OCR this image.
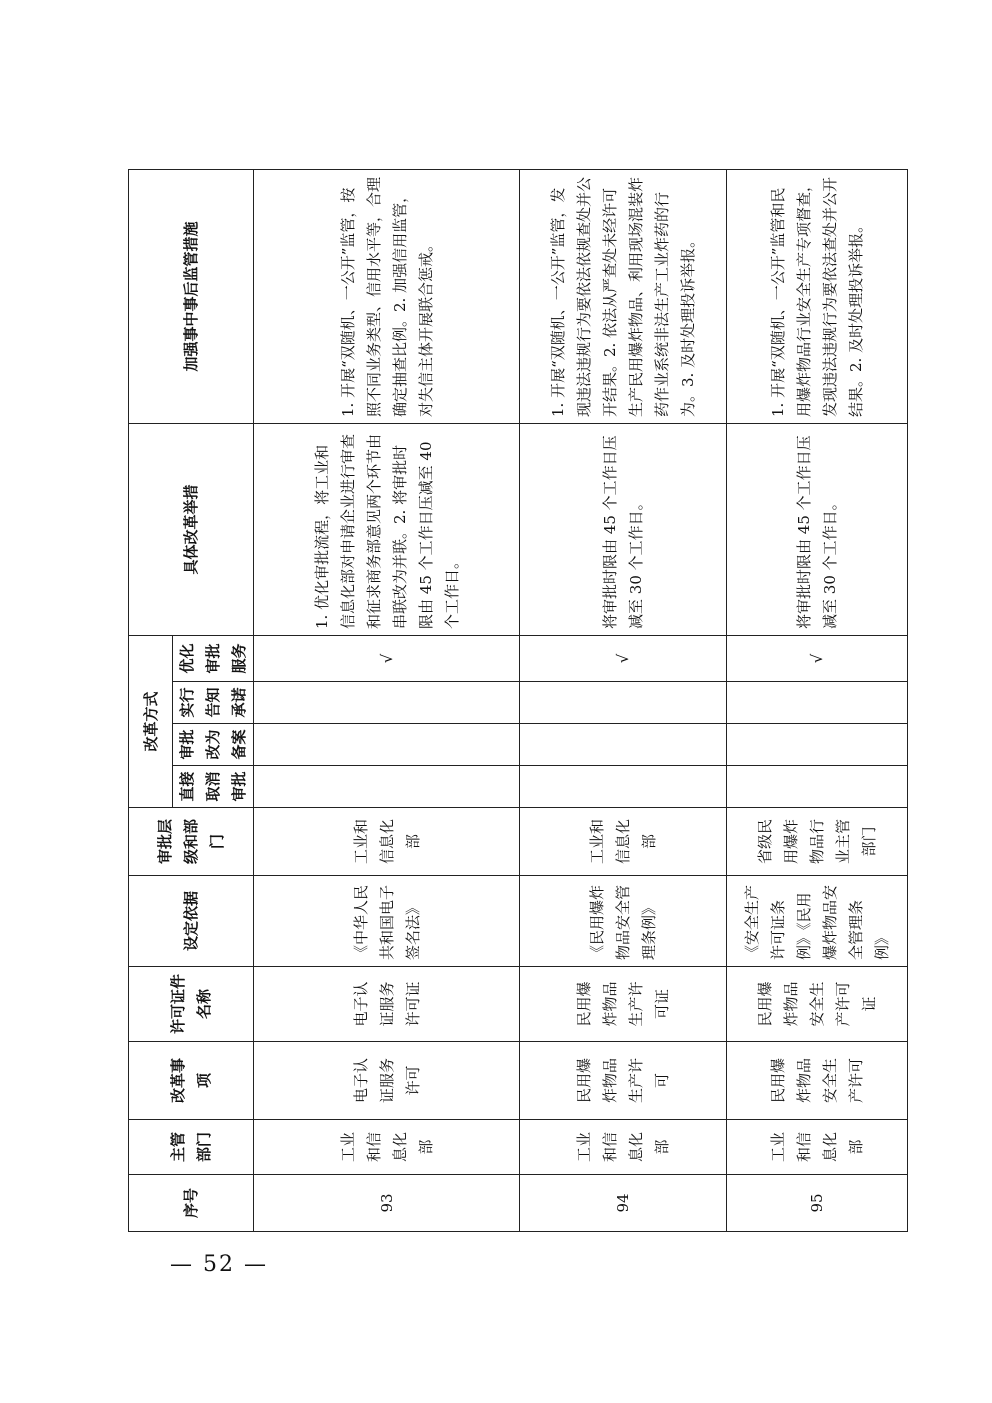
序号	主管部门	改革事项	许可证件名称	设定依据	审批层级和部门	改革方式				具体改革举措	加强事中事后监管措施
						直接取消审批	审批改为备案	实行告知承诺	优化审批服务		
93	工业和信息化部	电子认证服务许可	电子认证服务许可证	《中华人民共和国电子签名法》	工业和信息化部				√	1. 优化审批流程，将工业和信息化部对申请企业进行审查和征求商务部意见两个环节由串联改为并联。2. 将审批时限由 45 个工作日压减至 40 个工作日。	1. 开展“双随机、一公开”监管，按照不同业务类型、信用水平等，合理确定抽查比例。2. 加强信用监管，对失信主体开展联合惩戒。
94	工业和信息化部	民用爆炸物品生产许可	民用爆炸物品生产许可证	《民用爆炸物品安全管理条例》	工业和信息化部				√	将审批时限由 45 个工作日压减至 30 个工作日。	1. 开展“双随机、一公开”监管，发现违法违规行为要依法依规查处并公开结果。2. 依法从严查处未经许可生产民用爆炸物品、利用现场混装炸药作业系统非法生产工业炸药的行为。3. 及时处理投诉举报。
95	工业和信息化部	民用爆炸物品安全生产许可	民用爆炸物品安全生产许可证	《安全生产许可证条例》《民用爆炸物品安全管理条例》	省级民用爆炸物品行业主管部门				√	将审批时限由 45 个工作日压减至 30 个工作日。	1. 开展“双随机、一公开”监管和民用爆炸物品行业安全生产专项督查，发现违法违规行为要依法查处并公开结果。2. 及时处理投诉举报。
— 52 —
